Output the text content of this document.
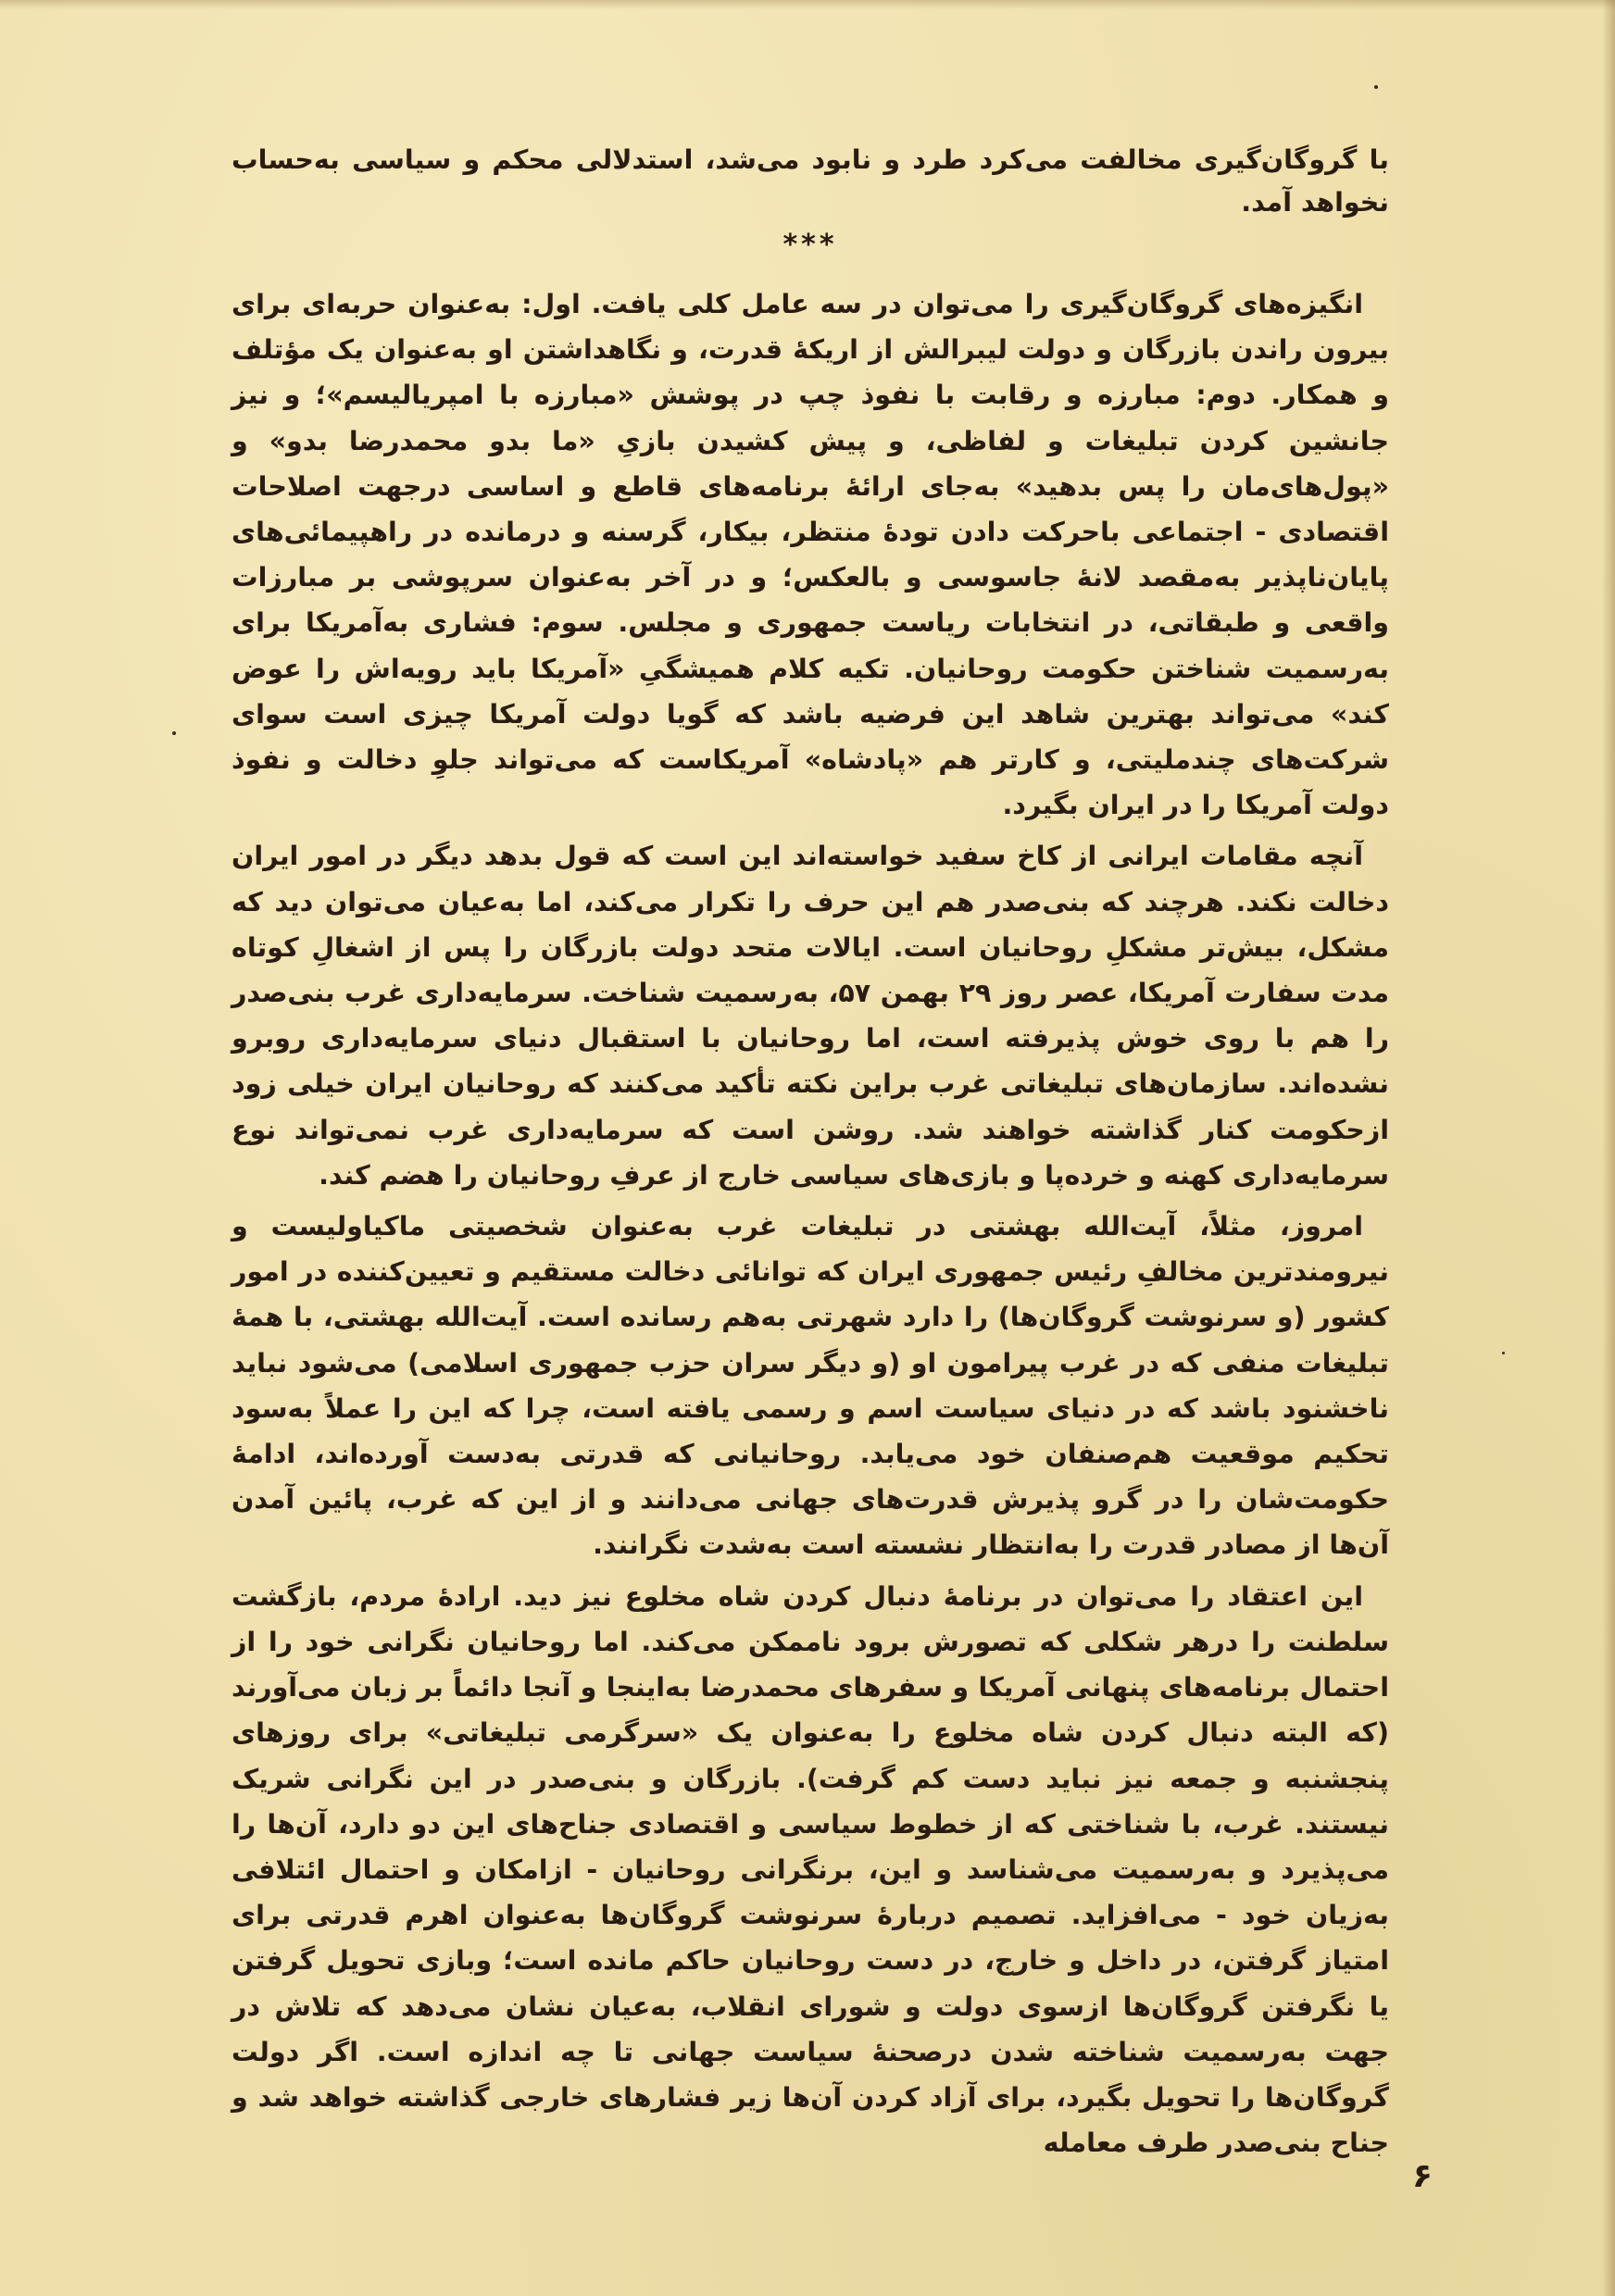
با گروگان‌گیری مخالفت می‌کرد طرد و نابود می‌شد، استدلالی محکم و سیاسی به‌حساب نخواهد آمد.

***

انگیزه‌های گروگان‌گیری را می‌توان در سه عامل کلی یافت. اول: به‌عنوان حربه‌ای برای بیرون راندن بازرگان و دولت لیبرالش از اریکهٔ قدرت، و نگاهداشتن او به‌عنوان یک مؤتلف و همکار. دوم: مبارزه و رقابت با نفوذ چپ در پوشش «مبارزه با امپریالیسم»؛ و نیز جانشین کردن تبلیغات و لفاظی، و پیش کشیدن بازیِ «ما بدو محمدرضا بدو» و «پول‌های‌مان را پس بدهید» به‌جای ارائهٔ برنامه‌های قاطع و اساسی درجهت اصلاحات اقتصادی - اجتماعی باحرکت دادن تودهٔ منتظر، بیکار، گرسنه و درمانده در راهپیمائی‌های پایان‌ناپذیر به‌مقصد لانهٔ جاسوسی و بالعکس؛ و در آخر به‌عنوان سرپوشی بر مبارزات واقعی و طبقاتی، در انتخابات ریاست جمهوری و مجلس. سوم: فشاری به‌آمریکا برای به‌رسمیت شناختن حکومت روحانیان. تکیه کلام همیشگیِ «آمریکا باید رویه‌اش را عوض کند» می‌تواند بهترین شاهد این فرضیه باشد که گویا دولت آمریکا چیزی است سوای شرکت‌های چندملیتی، و کارتر هم «پادشاه» آمریکاست که می‌تواند جلوِ دخالت و نفوذ دولت آمریکا را در ایران بگیرد.

آنچه مقامات ایرانی از کاخ سفید خواسته‌اند این است که قول بدهد دیگر در امور ایران دخالت نکند. هرچند که بنی‌صدر هم این حرف را تکرار می‌کند، اما به‌عیان می‌توان دید که مشکل، بیش‌تر مشکلِ روحانیان است. ایالات متحد دولت بازرگان را پس از اشغالِ کوتاه مدت سفارت آمریکا، عصر روز ۲۹ بهمن ۵۷، به‌رسمیت شناخت. سرمایه‌داری غرب بنی‌صدر را هم با روی خوش پذیرفته است، اما روحانیان با استقبال دنیای سرمایه‌داری روبرو نشده‌اند. سازمان‌های تبلیغاتی غرب براین نکته تأکید می‌کنند که روحانیان ایران خیلی زود ازحکومت کنار گذاشته خواهند شد. روشن است که سرمایه‌داری غرب نمی‌تواند نوع سرمایه‌داری کهنه و خرده‌پا و بازی‌های سیاسی خارج از عرفِ روحانیان را هضم کند.

امروز، مثلاً، آیت‌الله بهشتی در تبلیغات غرب به‌عنوان شخصیتی ماکیاولیست و نیرومندترین مخالفِ رئیس جمهوری ایران که توانائی دخالت مستقیم و تعیین‌کننده در امور کشور (و سرنوشت گروگان‌ها) را دارد شهرتی به‌هم رسانده است. آیت‌الله بهشتی، با همهٔ تبلیغات منفی که در غرب پیرامون او (و دیگر سران حزب جمهوری اسلامی) می‌شود نباید ناخشنود باشد که در دنیای سیاست اسم و رسمی یافته است، چرا که این را عملاً به‌سود تحکیم موقعیت هم‌صنفان خود می‌یابد. روحانیانی که قدرتی به‌دست آورده‌اند، ادامهٔ حکومت‌شان را در گرو پذیرش قدرت‌های جهانی می‌دانند و از این که غرب، پائین آمدن آن‌ها از مصادر قدرت را به‌انتظار نشسته است به‌شدت نگرانند.

این اعتقاد را می‌توان در برنامهٔ دنبال کردن شاه مخلوع نیز دید. ارادهٔ مردم، بازگشت سلطنت را درهر شکلی که تصورش برود نا‌ممکن می‌کند. اما روحانیان نگرانی خود را از احتمال برنامه‌های پنهانی آمریکا و سفرهای محمدرضا به‌اینجا و آنجا دائماً بر زبان می‌آورند (که البته دنبال کردن شاه مخلوع را به‌عنوان یک «سرگرمی تبلیغاتی» برای روزهای پنجشنبه و جمعه نیز نباید دست کم گرفت). بازرگان و بنی‌صدر در این نگرانی شریک نیستند. غرب، با شناختی که از خطوط سیاسی و اقتصادی جناح‌های این دو دارد، آن‌ها را می‌پذیرد و به‌رسمیت می‌شناسد و این، برنگرانی روحانیان - ازامکان و احتمال ائتلافی به‌زیان خود - می‌افزاید. تصمیم دربارهٔ سرنوشت گروگان‌ها به‌عنوان اهرم قدرتی برای امتیاز گرفتن، در داخل و خارج، در دست روحانیان حاکم مانده است؛ وبازی تحویل گرفتن یا نگرفتن گروگان‌ها ازسوی دولت و شورای انقلاب، به‌عیان نشان می‌دهد که تلاش در جهت به‌رسمیت شناخته شدن درصحنهٔ سیاست جهانی تا چه اندازه است. اگر دولت گروگان‌ها را تحویل بگیرد، برای آزاد کردن آن‌ها زیر فشارهای خارجی گذاشته خواهد شد و جناح بنی‌صدر طرف معامله

۶
